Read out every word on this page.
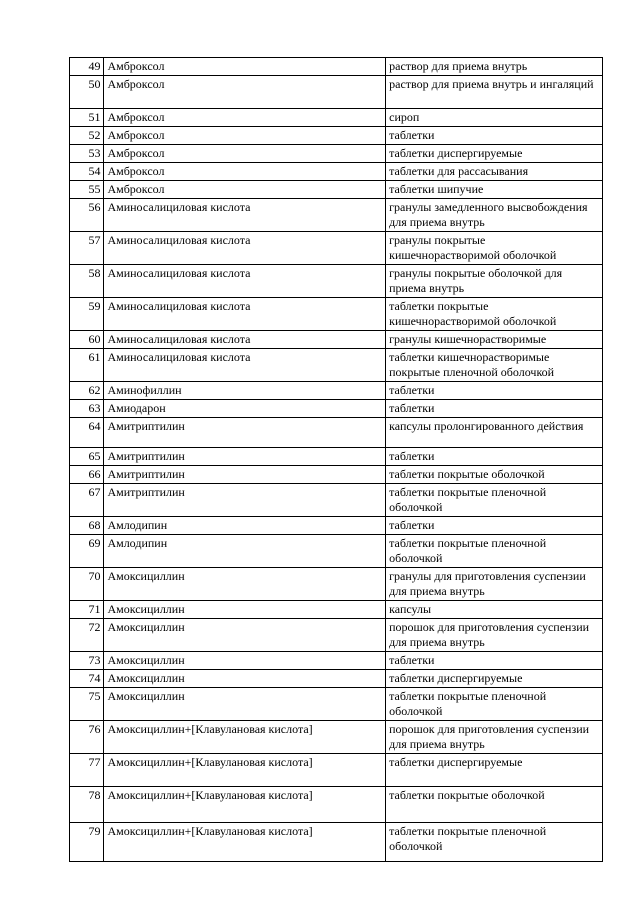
49	Амброксол	раствор для приема внутрь
50	Амброксол	раствор для приема внутрь и ингаляций
51	Амброксол	сироп
52	Амброксол	таблетки
53	Амброксол	таблетки диспергируемые
54	Амброксол	таблетки для рассасывания
55	Амброксол	таблетки шипучие
56	Аминосалициловая кислота	гранулы замедленного высвобождения для приема внутрь
57	Аминосалициловая кислота	гранулы покрытые кишечнорастворимой оболочкой
58	Аминосалициловая кислота	гранулы покрытые оболочкой для приема внутрь
59	Аминосалициловая кислота	таблетки покрытые кишечнорастворимой оболочкой
60	Аминосалициловая кислота	гранулы кишечнорастворимые
61	Аминосалициловая кислота	таблетки кишечнорастворимые покрытые пленочной оболочкой
62	Аминофиллин	таблетки
63	Амиодарон	таблетки
64	Амитриптилин	капсулы пролонгированного действия
65	Амитриптилин	таблетки
66	Амитриптилин	таблетки покрытые оболочкой
67	Амитриптилин	таблетки покрытые пленочной оболочкой
68	Амлодипин	таблетки
69	Амлодипин	таблетки покрытые пленочной оболочкой
70	Амоксициллин	гранулы для приготовления суспензии для приема внутрь
71	Амоксициллин	капсулы
72	Амоксициллин	порошок для приготовления суспензии для приема внутрь
73	Амоксициллин	таблетки
74	Амоксициллин	таблетки диспергируемые
75	Амоксициллин	таблетки покрытые пленочной оболочкой
76	Амоксициллин+[Клавулановая кислота]	порошок для приготовления суспензии для приема внутрь
77	Амоксициллин+[Клавулановая кислота]	таблетки диспергируемые
78	Амоксициллин+[Клавулановая кислота]	таблетки покрытые оболочкой
79	Амоксициллин+[Клавулановая кислота]	таблетки покрытые пленочной оболочкой
